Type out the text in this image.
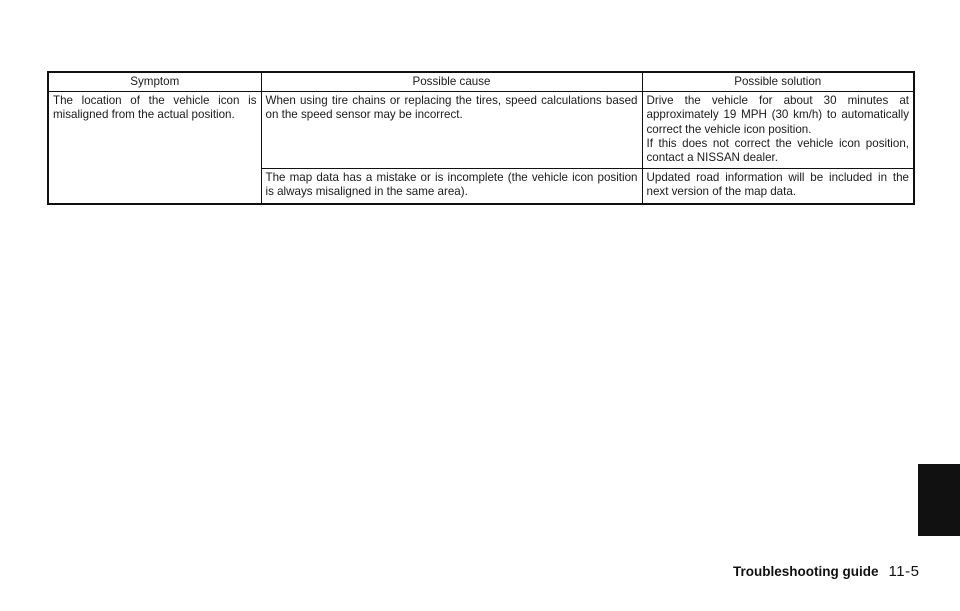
Symptom	Possible cause	Possible solution
The location of the vehicle icon is misaligned from the actual position.	When using tire chains or replacing the tires, speed calculations based on the speed sensor may be incorrect.	Drive the vehicle for about 30 minutes at approximately 19 MPH (30 km/h) to automatically correct the vehicle icon position.
If this does not correct the vehicle icon position, contact a NISSAN dealer.

	The map data has a mistake or is incomplete (the vehicle icon position is always misaligned in the same area).	Updated road information will be included in the next version of the map data.
Troubleshooting guide 11-5
